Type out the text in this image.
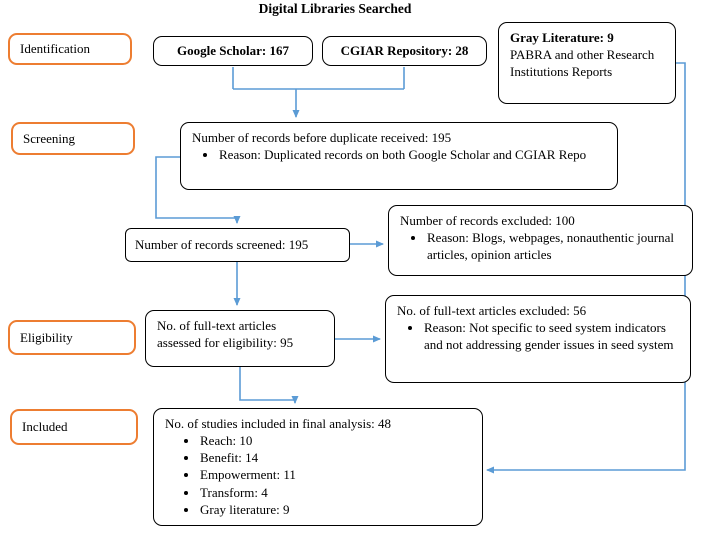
Digital Libraries Searched
Identification
Screening
Eligibility
Included
Google Scholar: 167	CGIAR Repository: 28
Gray Literature: 9
PABRA and other Research Institutions Reports
Number of records before duplicate received: 195
• Reason: Duplicated records on both Google Scholar and CGIAR Repo
Number of records screened: 195
Number of records excluded: 100
• Reason: Blogs, webpages, nonauthentic journal articles, opinion articles
No. of full-text articles assessed for eligibility: 95
No. of full-text articles excluded: 56
• Reason: Not specific to seed system indicators and not addressing gender issues in seed system
No. of studies included in final analysis: 48
• Reach: 10
• Benefit: 14
• Empowerment: 11
• Transform: 4
• Gray literature: 9
